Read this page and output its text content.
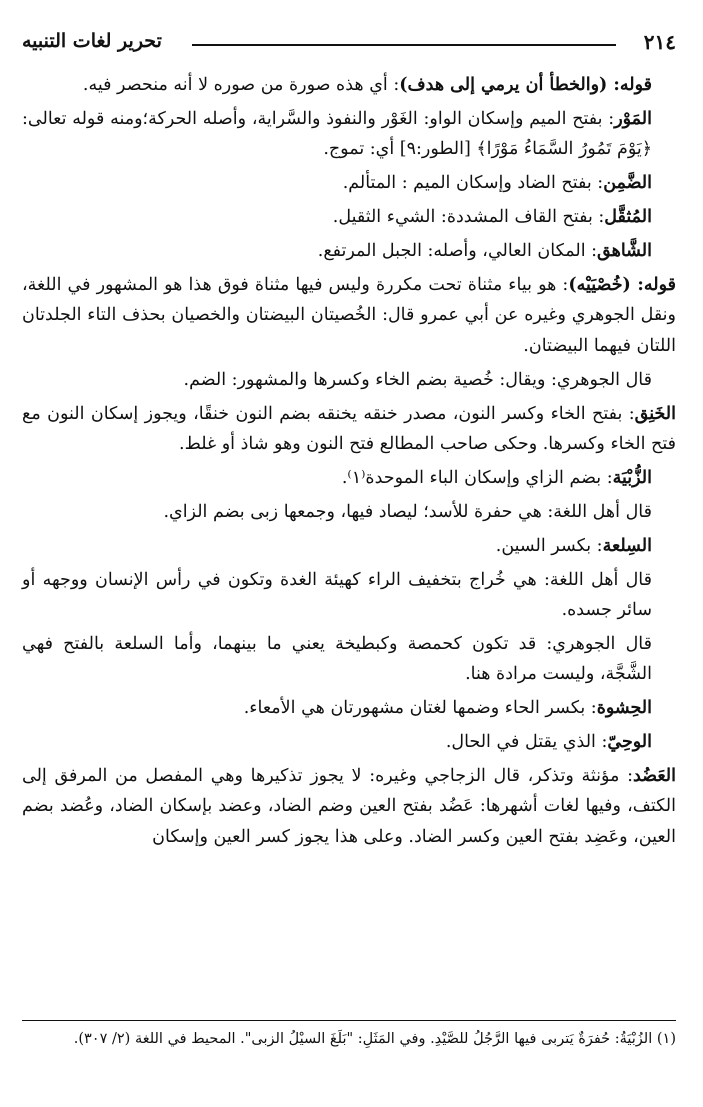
٢١٤
تحرير لغات التنبيه

قوله: (والخطأ أن يرمي إلى هدف): أي هذه صورة من صوره لا أنه منحصر فيه.

المَوْر: بفتح الميم وإسكان الواو: الغَوْر والنفوذ والسَّراية، وأصله الحركة؛ومنه قوله تعالى: ﴿يَوْمَ تَمُورُ السَّمَاءُ مَوْرًا﴾ [الطور:٩] أي: تموج.

الضَّمِن: بفتح الضاد وإسكان الميم : المتألم.

المُثقَّل: بفتح القاف المشددة: الشيء الثقيل.

الشَّاهق: المكان العالي، وأصله: الجبل المرتفع.

قوله: (خُصْيَيْه): هو بياء مثناة تحت مكررة وليس فيها مثناة فوق هذا هو المشهور في اللغة، ونقل الجوهري وغيره عن أبي عمرو قال: الخُصيتان البيضتان والخصيان بحذف التاء الجلدتان اللتان فيهما البيضتان.

قال الجوهري: ويقال: خُصية بضم الخاء وكسرها والمشهور: الضم.

الخَنِق: بفتح الخاء وكسر النون، مصدر خنقه يخنقه بضم النون خنقًا، ويجوز إسكان النون مع فتح الخاء وكسرها. وحكى صاحب المطالع فتح النون وهو شاذ أو غلط.

الزُّبْيَة: بضم الزاي وإسكان الباء الموحدة⁽١⁾.

قال أهل اللغة: هي حفرة للأسد؛ ليصاد فيها، وجمعها زبى بضم الزاي.

السِلعة: بكسر السين.

قال أهل اللغة: هي خُراج بتخفيف الراء كهيئة الغدة وتكون في رأس الإنسان ووجهه أو سائر جسده.

قال الجوهري: قد تكون كحمصة وكبطيخة يعني ما بينهما، وأما السلعة بالفتح فهي الشَّجَّة، وليست مرادة هنا.

الحِشوة: بكسر الحاء وضمها لغتان مشهورتان هي الأمعاء.

الوحِيّ: الذي يقتل في الحال.

العَضُد: مؤنثة وتذكر، قال الزجاجي وغيره: لا يجوز تذكيرها وهي المفصل من المرفق إلى الكتف، وفيها لغات أشهرها: عَضُد بفتح العين وضم الضاد، وعضد بإسكان الضاد، وعُضد بضم العين، وعَضِد بفتح العين وكسر الضاد. وعلى هذا يجوز كسر العين وإسكان

(١) الزُبْيَةُ: حُفرَةٌ يَتربى فيها الرَّجُلُ للصَّيْدِ. وفي المَثَلِ: "بَلَغَ السيْلُ الزبى". المحيط في اللغة (٢/ ٣٠٧).
